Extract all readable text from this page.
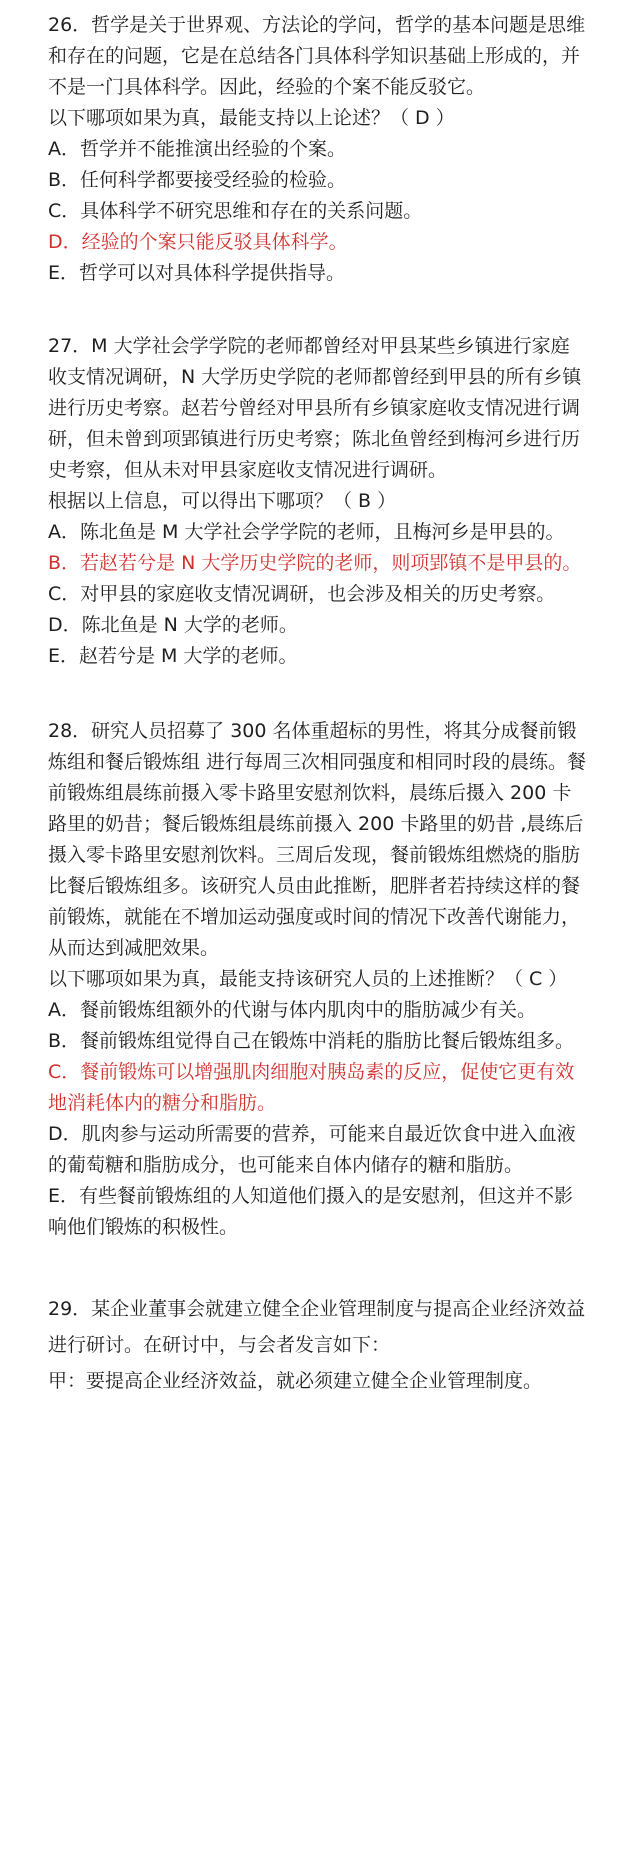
26．哲学是关于世界观、方法论的学问，哲学的基本问题是思维和存在的问题，它是在总结各门具体科学知识基础上形成的，并不是一门具体科学。因此，经验的个案不能反驳它。

以下哪项如果为真，最能支持以上论述？（ D ）

A．哲学并不能推演出经验的个案。

B．任何科学都要接受经验的检验。

C．具体科学不研究思维和存在的关系问题。

D．经验的个案只能反驳具体科学。

E．哲学可以对具体科学提供指导。

27．M 大学社会学学院的老师都曾经对甲县某些乡镇进行家庭收支情况调研，N 大学历史学院的老师都曾经到甲县的所有乡镇进行历史考察。赵若兮曾经对甲县所有乡镇家庭收支情况进行调研，但未曾到项郢镇进行历史考察；陈北鱼曾经到梅河乡进行历史考察，但从未对甲县家庭收支情况进行调研。

根据以上信息，可以得出下哪项？（ B ）

A．陈北鱼是 M 大学社会学学院的老师，且梅河乡是甲县的。

B．若赵若兮是 N 大学历史学院的老师，则项郢镇不是甲县的。

C．对甲县的家庭收支情况调研，也会涉及相关的历史考察。

D．陈北鱼是 N 大学的老师。

E．赵若兮是 M 大学的老师。

28．研究人员招募了 300 名体重超标的男性，将其分成餐前锻炼组和餐后锻炼组 进行每周三次相同强度和相同时段的晨练。餐前锻炼组晨练前摄入零卡路里安慰剂饮料，晨练后摄入 200 卡路里的奶昔；餐后锻炼组晨练前摄入 200 卡路里的奶昔 ,晨练后摄入零卡路里安慰剂饮料。三周后发现，餐前锻炼组燃烧的脂肪比餐后锻炼组多。该研究人员由此推断，肥胖者若持续这样的餐前锻炼，就能在不增加运动强度或时间的情况下改善代谢能力，从而达到减肥效果。

以下哪项如果为真，最能支持该研究人员的上述推断？（ C ）

A．餐前锻炼组额外的代谢与体内肌肉中的脂肪减少有关。

B．餐前锻炼组觉得自己在锻炼中消耗的脂肪比餐后锻炼组多。

C．餐前锻炼可以增强肌肉细胞对胰岛素的反应，促使它更有效地消耗体内的糖分和脂肪。

D．肌肉参与运动所需要的营养，可能来自最近饮食中进入血液的葡萄糖和脂肪成分，也可能来自体内储存的糖和脂肪。

E．有些餐前锻炼组的人知道他们摄入的是安慰剂，但这并不影响他们锻炼的积极性。

29．某企业董事会就建立健全企业管理制度与提高企业经济效益进行研讨。在研讨中，与会者发言如下：

甲：要提高企业经济效益，就必须建立健全企业管理制度。
